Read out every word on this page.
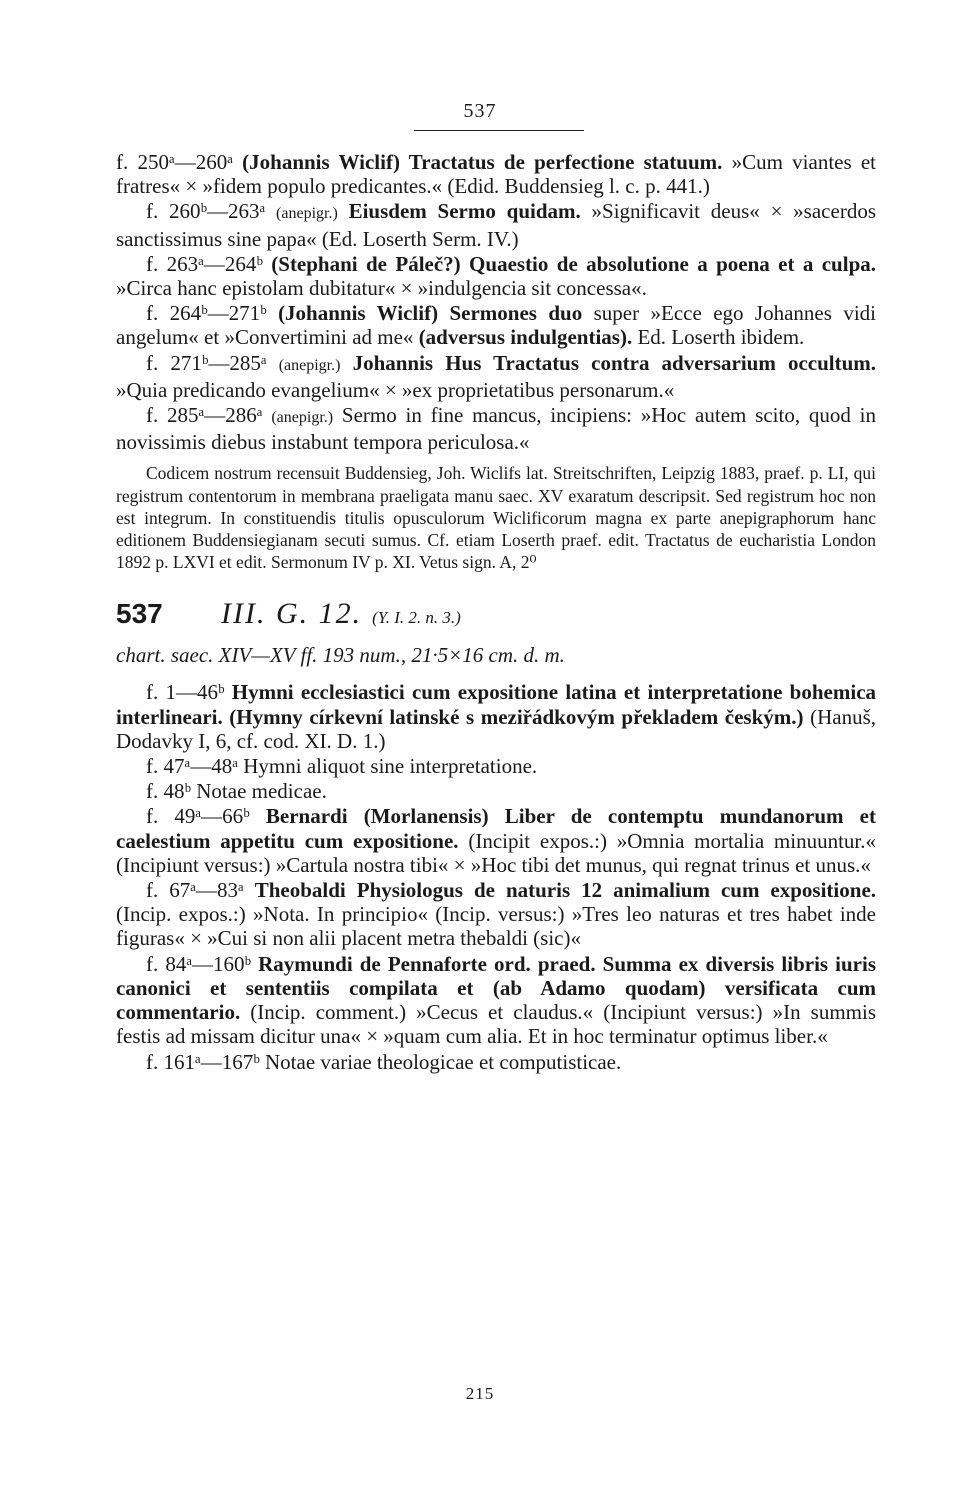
537

f. 250ᵃ—260ᵃ (Johannis Wiclif) Tractatus de perfectione statuum. »Cum viantes et fratres« × »fidem populo predicantes.« (Edid. Buddensieg l. c. p. 441.)

f. 260ᵇ—263ᵃ (anepigr.) Eiusdem Sermo quidam. »Significavit deus« × »sacerdos sanctissimus sine papa« (Ed. Loserth Serm. IV.)

f. 263ᵃ—264ᵇ (Stephani de Páleč?) Quaestio de absolutione a poena et a culpa. »Circa hanc epistolam dubitatur« × »indulgencia sit concessa«.

f. 264ᵇ—271ᵇ (Johannis Wiclif) Sermones duo super »Ecce ego Johannes vidi angelum« et »Convertimini ad me« (adversus indulgentias). Ed. Loserth ibidem.

f. 271ᵇ—285ᵃ (anepigr.) Johannis Hus Tractatus contra adversarium occultum. »Quia predicando evangelium« × »ex proprietatibus personarum.«

f. 285ᵃ—286ᵃ (anepigr.) Sermo in fine mancus, incipiens: »Hoc autem scito, quod in novissimis diebus instabunt tempora periculosa.«

Codicem nostrum recensuit Buddensieg, Joh. Wiclifs lat. Streitschriften, Leipzig 1883, praef. p. LI, qui registrum contentorum in membrana praeligata manu saec. XV exaratum descripsit. Sed registrum hoc non est integrum. In constituendis titulis opusculorum Wiclificorum magna ex parte anepigraphorum hanc editionem Buddensiegianam secuti sumus. Cf. etiam Loserth praef. edit. Tractatus de eucharistia London 1892 p. LXVI et edit. Sermonum IV p. XI. Vetus sign. A, 2⁰

537	III. G. 12. (Y. I. 2. n. 3.)
chart. saec. XIV—XV ff. 193 num., 21·5×16 cm. d. m.

f. 1—46ᵇ Hymni ecclesiastici cum expositione latina et interpretatione bohemica interlineari. (Hymny církevní latinské s meziřádkovým překladem českým.) (Hanuš, Dodavky I, 6, cf. cod. XI. D. 1.)

f. 47ᵃ—48ᵃ Hymni aliquot sine interpretatione.

f. 48ᵇ Notae medicae.

f. 49ᵃ—66ᵇ Bernardi (Morlanensis) Liber de contemptu mundanorum et caelestium appetitu cum expositione. (Incipit expos.:) »Omnia mortalia minuuntur.« (Incipiunt versus:) »Cartula nostra tibi« × »Hoc tibi det munus, qui regnat trinus et unus.«

f. 67ᵃ—83ᵃ Theobaldi Physiologus de naturis 12 animalium cum expositione. (Incip. expos.:) »Nota. In principio« (Incip. versus:) »Tres leo naturas et tres habet inde figuras« × »Cui si non alii placent metra thebaldi (sic)«

f. 84ᵃ—160ᵇ Raymundi de Pennaforte ord. praed. Summa ex diversis libris iuris canonici et sententiis compilata et (ab Adamo quodam) versificata cum commentario. (Incip. comment.) »Cecus et claudus.« (Incipiunt versus:) »In summis festis ad missam dicitur una« × »quam cum alia. Et in hoc terminatur optimus liber.«

f. 161ᵃ—167ᵇ Notae variae theologicae et computisticae.

215
